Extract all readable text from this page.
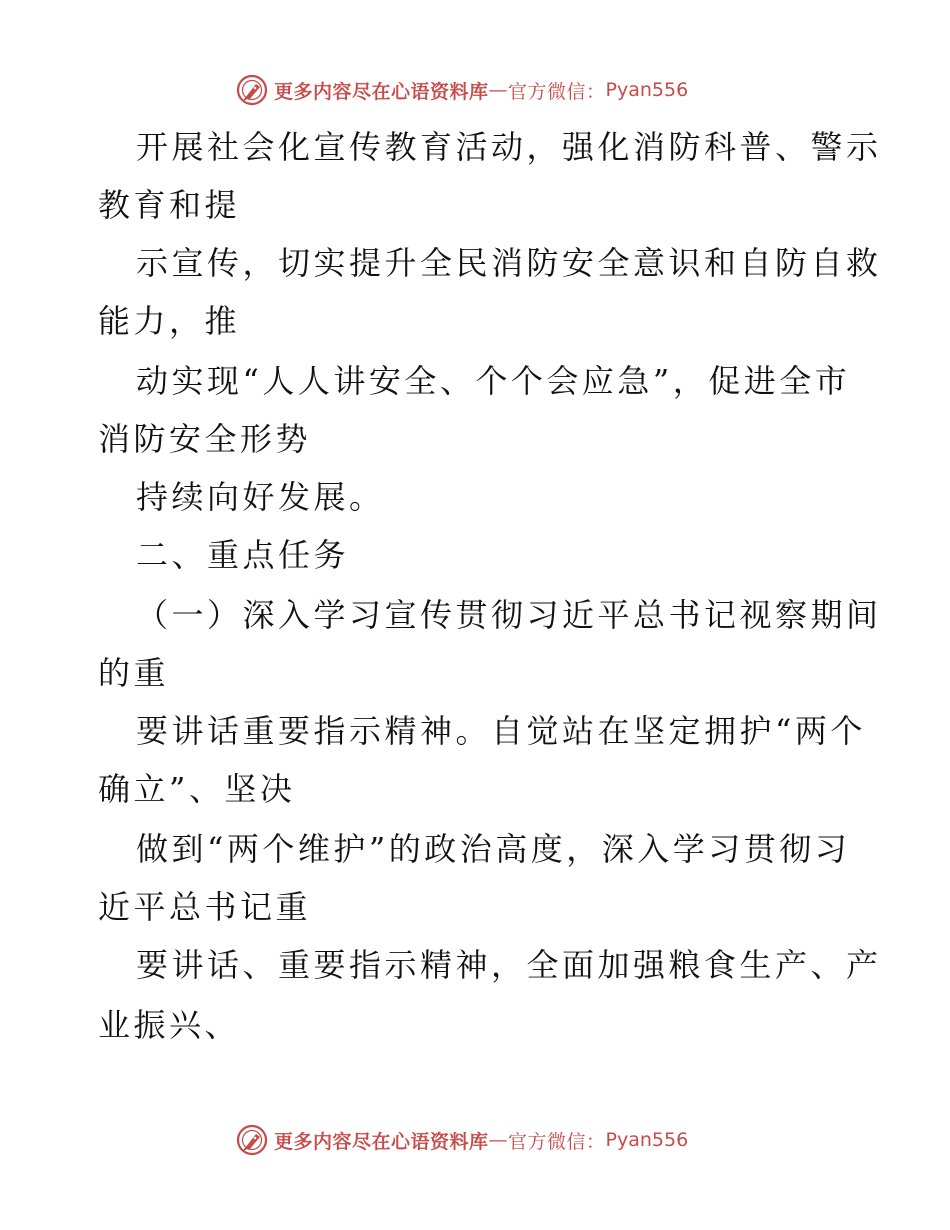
更多内容尽在心语资料库 — 官方微信： Pyan556
开展社会化宣传教育活动，强化消防科普、警示
教育和提
示宣传，切实提升全民消防安全意识和自防自救
能力，推
动实现“人人讲安全、个个会应急”，促进全市
消防安全形势
持续向好发展。
二、重点任务
（一）深入学习宣传贯彻习近平总书记视察期间
的重
要讲话重要指示精神。自觉站在坚定拥护“两个
确立”、坚决
做到“两个维护”的政治高度，深入学习贯彻习
近平总书记重
要讲话、重要指示精神，全面加强粮食生产、产
业振兴、
更多内容尽在心语资料库 — 官方微信： Pyan556
